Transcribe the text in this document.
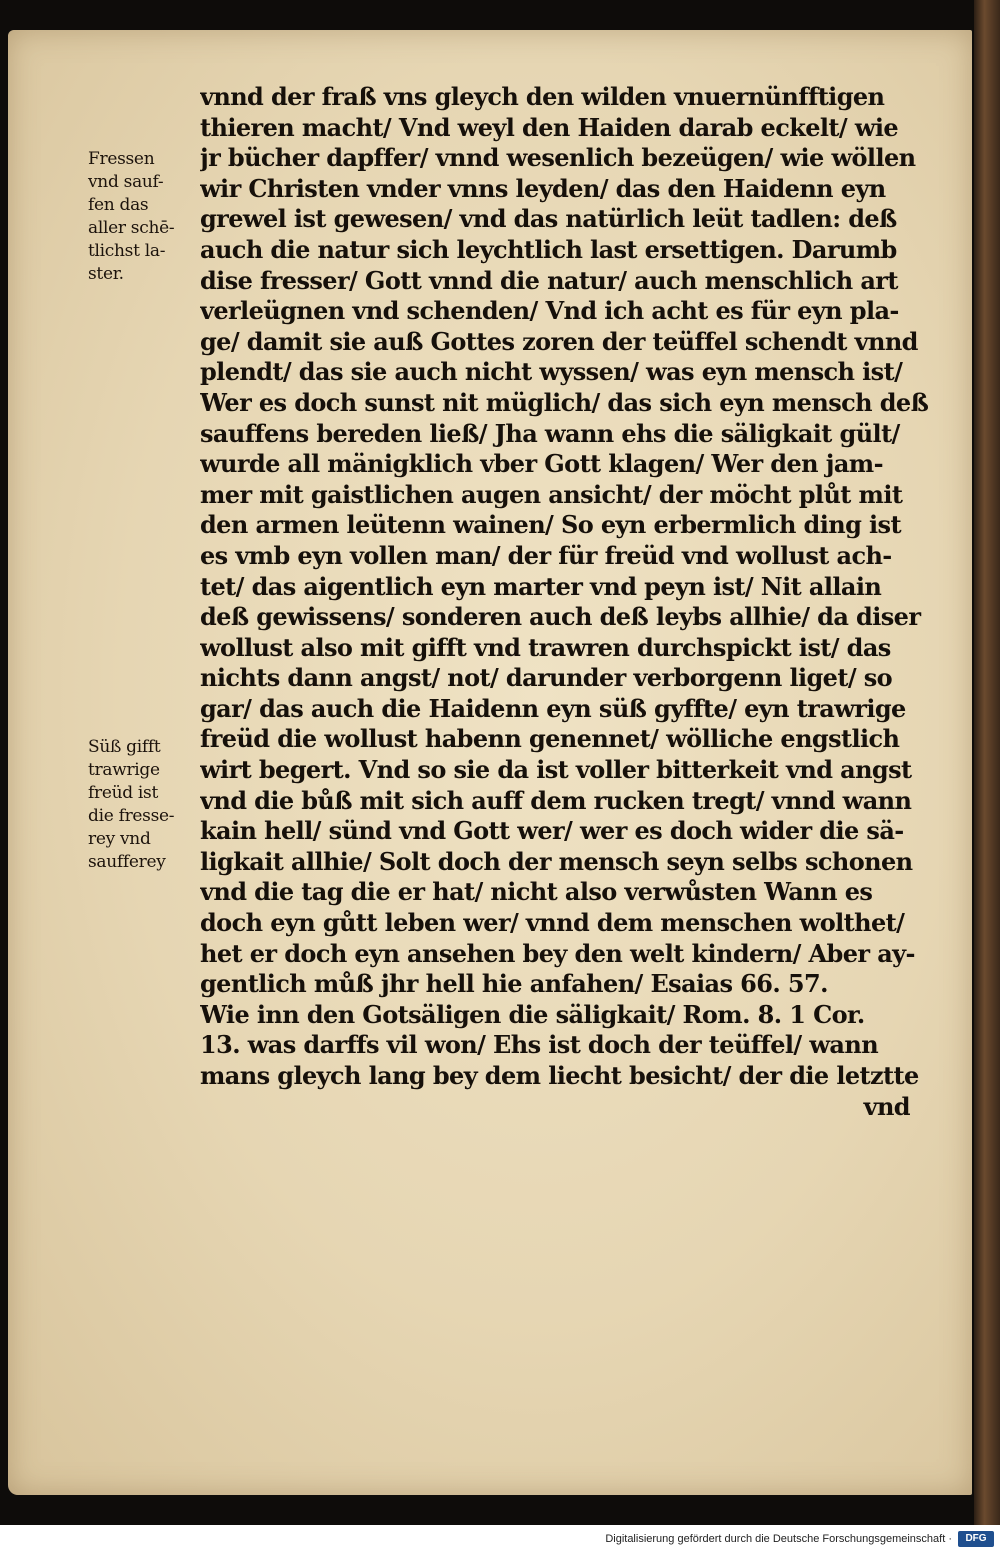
Fressen
vnd sauf-
fen das
aller schē-
tlichst la-
ster.
Süß gifft
trawrige
freüd ist
die fresse-
rey vnd
saufferey
vnnd der fraß vns gleych den wilden vnuernünfftigen
thieren macht/ Vnd weyl den Haiden darab eckelt/ wie
jr bücher dapffer/ vnnd wesenlich bezeügen/ wie wöllen
wir Christen vnder vnns leyden/ das den Haidenn eyn
grewel ist gewesen/ vnd das natürlich leüt tadlen: deß
auch die natur sich leychtlich last ersettigen. Darumb
dise fresser/ Gott vnnd die natur/ auch menschlich art
verleügnen vnd schenden/ Vnd ich acht es für eyn pla-
ge/ damit sie auß Gottes zoren der teüffel schendt vnnd
plendt/ das sie auch nicht wyssen/ was eyn mensch ist/
Wer es doch sunst nit müglich/ das sich eyn mensch deß
sauffens bereden ließ/ Jha wann ehs die säligkait gült/
wurde all mänigklich vber Gott klagen/ Wer den jam-
mer mit gaistlichen augen ansicht/ der möcht plůt mit
den armen leütenn wainen/ So eyn erbermlich ding ist
es vmb eyn vollen man/ der für freüd vnd wollust ach-
tet/ das aigentlich eyn marter vnd peyn ist/ Nit allain
deß gewissens/ sonderen auch deß leybs allhie/ da diser
wollust also mit gifft vnd trawren durchspickt ist/ das
nichts dann angst/ not/ darunder verborgenn liget/ so
gar/ das auch die Haidenn eyn süß gyffte/ eyn trawrige
freüd die wollust habenn genennet/ wölliche engstlich
wirt begert. Vnd so sie da ist voller bitterkeit vnd angst
vnd die bůß mit sich auff dem rucken tregt/ vnnd wann
kain hell/ sünd vnd Gott wer/ wer es doch wider die sä-
ligkait allhie/ Solt doch der mensch seyn selbs schonen
vnd die tag die er hat/ nicht also verwůsten Wann es
doch eyn gůtt leben wer/ vnnd dem menschen wolthet/
het er doch eyn ansehen bey den welt kindern/ Aber ay-
gentlich můß jhr hell hie anfahen/ Esaias 66. 57.
Wie inn den Gotsäligen die säligkait/ Rom. 8. 1 Cor.
13. was darffs vil won/ Ehs ist doch der teüffel/ wann
mans gleych lang bey dem liecht besicht/ der die letztte
vnd
Digitalisierung gefördert durch die Deutsche Forschungsgemeinschaft ·	DFG
